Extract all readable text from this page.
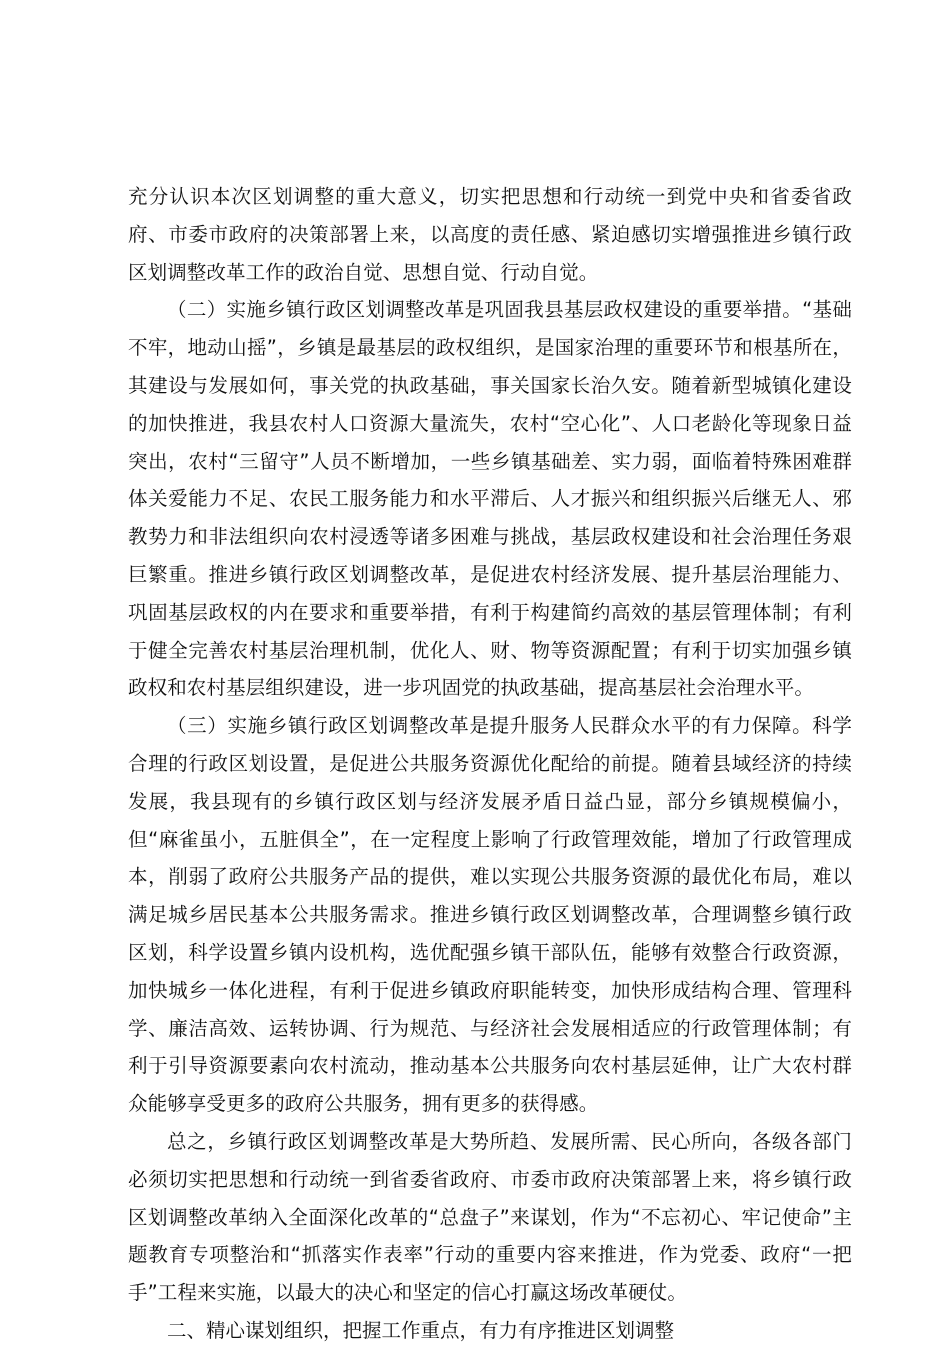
充分认识本次区划调整的重大意义，切实把思想和行动统一到党中央和省委省政府、市委市政府的决策部署上来，以高度的责任感、紧迫感切实增强推进乡镇行政区划调整改革工作的政治自觉、思想自觉、行动自觉。

（二）实施乡镇行政区划调整改革是巩固我县基层政权建设的重要举措。“基础不牢，地动山摇”，乡镇是最基层的政权组织，是国家治理的重要环节和根基所在，其建设与发展如何，事关党的执政基础，事关国家长治久安。随着新型城镇化建设的加快推进，我县农村人口资源大量流失，农村“空心化”、人口老龄化等现象日益突出，农村“三留守”人员不断增加，一些乡镇基础差、实力弱，面临着特殊困难群体关爱能力不足、农民工服务能力和水平滞后、人才振兴和组织振兴后继无人、邪教势力和非法组织向农村浸透等诸多困难与挑战，基层政权建设和社会治理任务艰巨繁重。推进乡镇行政区划调整改革，是促进农村经济发展、提升基层治理能力、巩固基层政权的内在要求和重要举措，有利于构建简约高效的基层管理体制；有利于健全完善农村基层治理机制，优化人、财、物等资源配置；有利于切实加强乡镇政权和农村基层组织建设，进一步巩固党的执政基础，提高基层社会治理水平。

（三）实施乡镇行政区划调整改革是提升服务人民群众水平的有力保障。科学合理的行政区划设置，是促进公共服务资源优化配给的前提。随着县域经济的持续发展，我县现有的乡镇行政区划与经济发展矛盾日益凸显，部分乡镇规模偏小，但“麻雀虽小，五脏俱全”，在一定程度上影响了行政管理效能，增加了行政管理成本，削弱了政府公共服务产品的提供，难以实现公共服务资源的最优化布局，难以满足城乡居民基本公共服务需求。推进乡镇行政区划调整改革，合理调整乡镇行政区划，科学设置乡镇内设机构，选优配强乡镇干部队伍，能够有效整合行政资源，加快城乡一体化进程，有利于促进乡镇政府职能转变，加快形成结构合理、管理科学、廉洁高效、运转协调、行为规范、与经济社会发展相适应的行政管理体制；有利于引导资源要素向农村流动，推动基本公共服务向农村基层延伸，让广大农村群众能够享受更多的政府公共服务，拥有更多的获得感。

总之，乡镇行政区划调整改革是大势所趋、发展所需、民心所向，各级各部门必须切实把思想和行动统一到省委省政府、市委市政府决策部署上来，将乡镇行政区划调整改革纳入全面深化改革的“总盘子”来谋划，作为“不忘初心、牢记使命”主题教育专项整治和“抓落实作表率”行动的重要内容来推进，作为党委、政府“一把手”工程来实施，以最大的决心和坚定的信心打赢这场改革硬仗。

二、精心谋划组织，把握工作重点，有力有序推进区划调整
